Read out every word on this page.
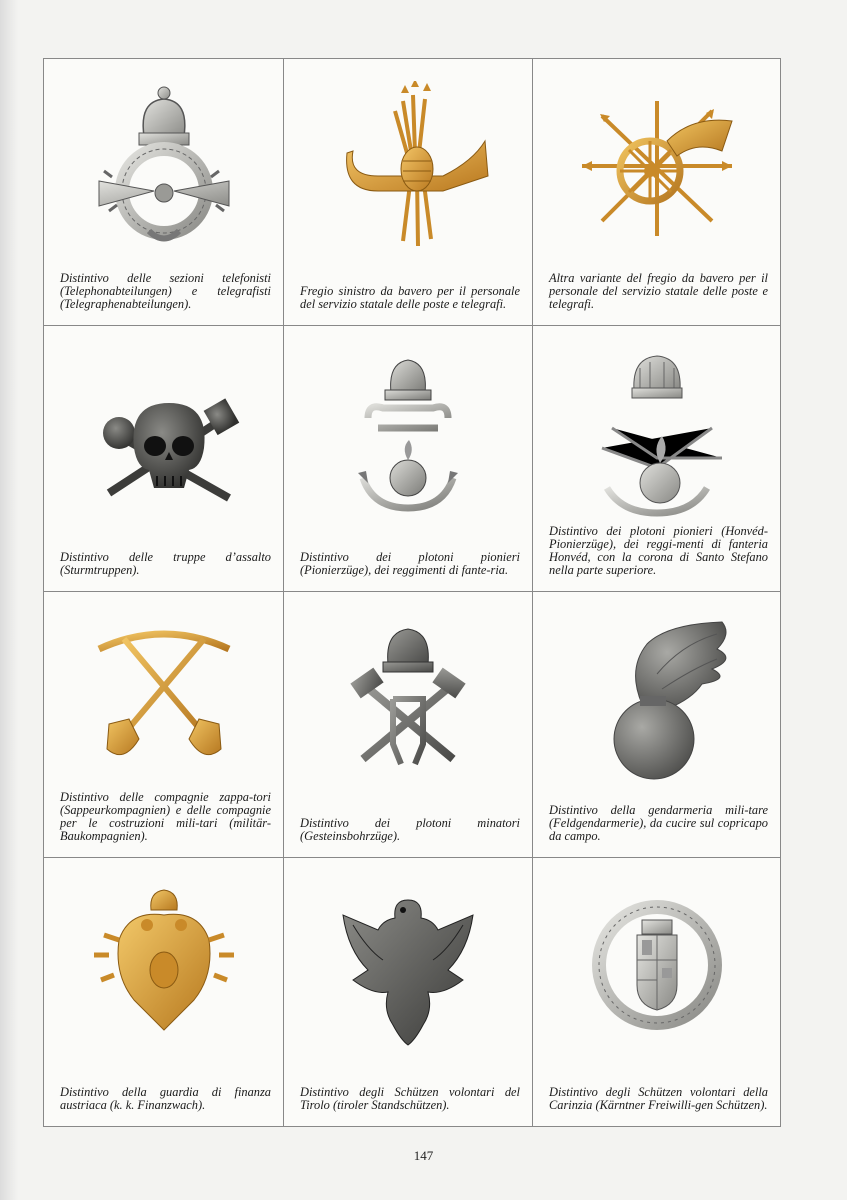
Distintivo delle sezioni telefonisti (Telephonabteilungen) e telegrafisti (Telegraphenabteilungen).
Fregio sinistro da bavero per il personale del servizio statale delle poste e telegrafi.
Altra variante del fregio da bavero per il personale del servizio statale delle poste e telegrafi.
Distintivo delle truppe d’assalto (Sturmtruppen).
Distintivo dei plotoni pionieri (Pionierzüge), dei reggimenti di fante-ria.
Distintivo dei plotoni pionieri (Honvéd-Pionierzüge), dei reggi-menti di fanteria Honvéd, con la corona di Santo Stefano nella parte superiore.
Distintivo delle compagnie zappa-tori (Sappeurkompagnien) e delle compagnie per le costruzioni mili-tari (militär-Baukompagnien).
Distintivo dei plotoni minatori (Gesteinsbohrzüge).
Distintivo della gendarmeria mili-tare (Feldgendarmerie), da cucire sul copricapo da campo.
Distintivo della guardia di finanza austriaca (k. k. Finanzwach).
Distintivo degli Schützen volontari del Tirolo (tiroler Standschützen).
Distintivo degli Schützen volontari della Carinzia (Kärntner Freiwilli-gen Schützen).
147
